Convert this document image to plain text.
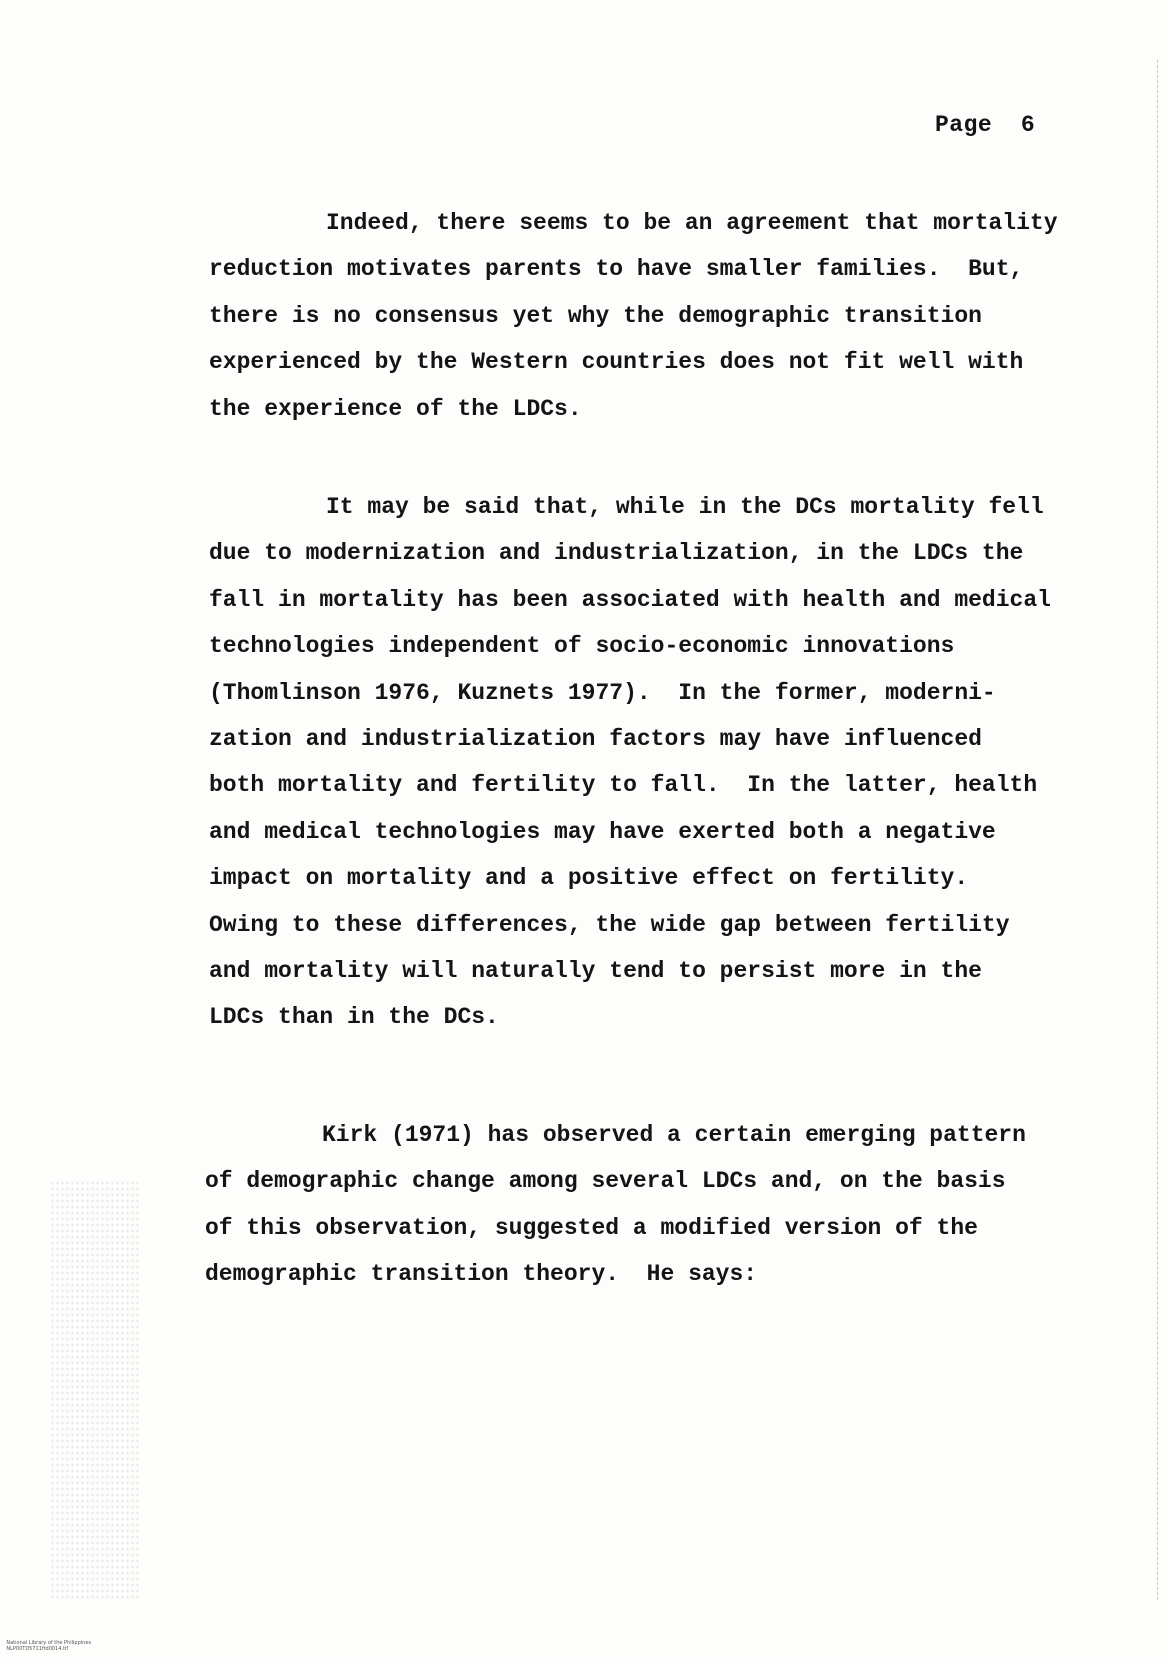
Page  6
Indeed, there seems to be an agreement that mortality
reduction motivates parents to have smaller families.  But,
there is no consensus yet why the demographic transition
experienced by the Western countries does not fit well with
the experience of the LDCs.
It may be said that, while in the DCs mortality fell
due to modernization and industrialization, in the LDCs the
fall in mortality has been associated with health and medical
technologies independent of socio-economic innovations
(Thomlinson 1976, Kuznets 1977).  In the former, moderni-
zation and industrialization factors may have influenced
both mortality and fertility to fall.  In the latter, health
and medical technologies may have exerted both a negative
impact on mortality and a positive effect on fertility.
Owing to these differences, the wide gap between fertility
and mortality will naturally tend to persist more in the
LDCs than in the DCs.
Kirk (1971) has observed a certain emerging pattern
of demographic change among several LDCs and, on the basis
of this observation, suggested a modified version of the
demographic transition theory.  He says:

National Library of the Philippines
NLP00TD5711ftd0014.tif
